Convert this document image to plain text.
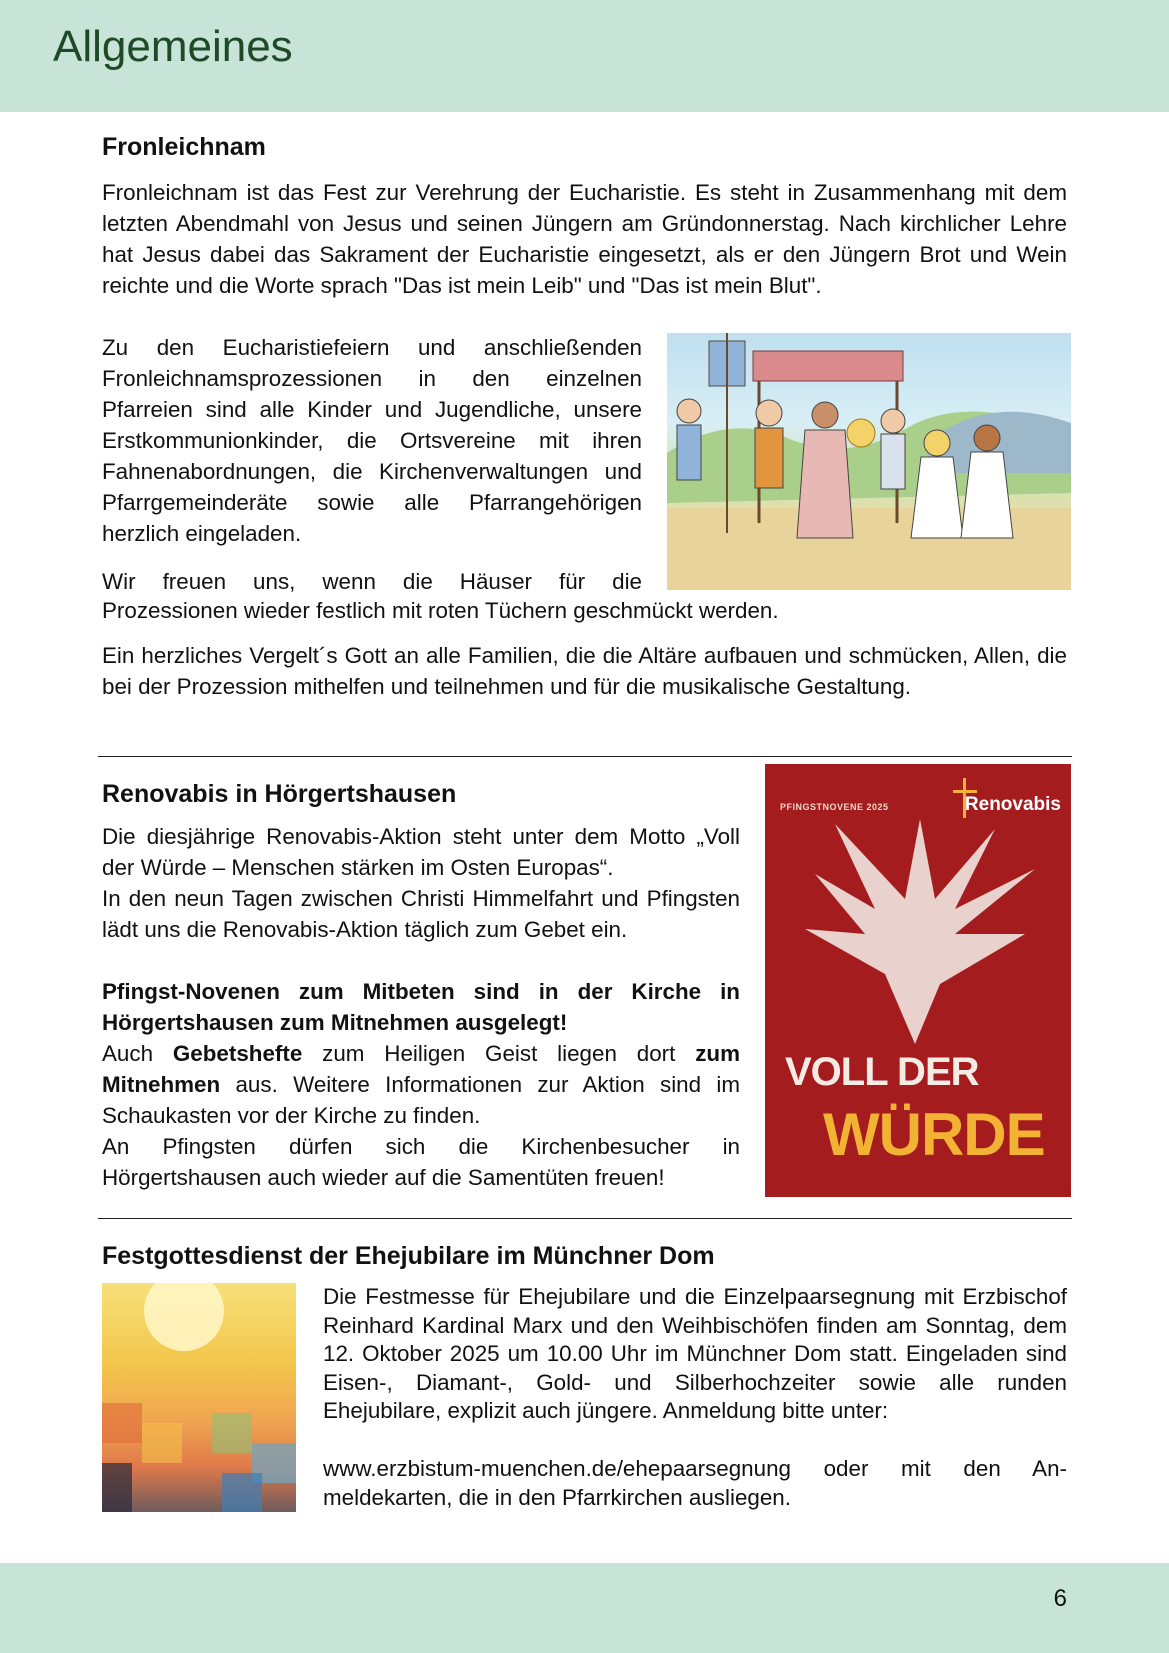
Allgemeines
Fronleichnam

Fronleichnam ist das Fest zur Verehrung der Eucharistie. Es steht in Zusammenhang mit dem letzten Abendmahl von Jesus und seinen Jüngern am Gründonnerstag. Nach kirchlicher Lehre hat Jesus dabei das Sakrament der Eucharistie eingesetzt, als er den Jüngern Brot und Wein reichte und die Worte sprach "Das ist mein Leib" und "Das ist mein Blut".

Zu den Eucharistiefeiern und anschließenden Fronleichnamsprozessionen in den einzelnen Pfarreien sind alle Kinder und Jugendliche, unsere Erstkommunionkinder, die Ortsvereine mit ihren Fahnenabordnungen, die Kirchenverwaltungen und Pfarrgemeinderäte sowie alle Pfarrangehörigen herzlich eingeladen.

Wir freuen uns, wenn die Häuser für die

Prozessionen wieder festlich mit roten Tüchern geschmückt werden.

Ein herzliches Vergelt´s Gott an alle Familien, die die Altäre aufbauen und schmücken, Allen, die bei der Prozession mithelfen und teilnehmen und für die musikalische Gestaltung.

Renovabis in Hörgertshausen

Die diesjährige Renovabis-Aktion steht unter dem Motto „Voll der Würde – Menschen stärken im Osten Europas“.

In den neun Tagen zwischen Christi Himmelfahrt und Pfingsten lädt uns die Renovabis-Aktion täglich zum Gebet ein.

Pfingst-Novenen zum Mitbeten sind in der Kirche in Hörgertshausen zum Mitnehmen ausgelegt!

Auch Gebetshefte zum Heiligen Geist liegen dort zum Mitnehmen aus. Weitere Informationen zur Aktion sind im Schaukasten vor der Kirche zu finden.

An Pfingsten dürfen sich die Kirchenbesucher in Hörgertshausen auch wieder auf die Samentüten freuen!

PFINGSTNOVENE 2025	Renovabis
VOLL DER
WÜRDE
Festgottesdienst der Ehejubilare im Münchner Dom

Die Festmesse für Ehejubilare und die Einzelpaarsegnung mit Erzbischof Reinhard Kardinal Marx und den Weihbischöfen finden am Sonntag, dem 12. Oktober 2025 um 10.00 Uhr im Münchner Dom statt. Eingeladen sind Eisen-, Diamant-, Gold- und Silberhochzeiter sowie alle runden Ehejubilare, explizit auch jüngere. Anmeldung bitte unter:

www.erzbistum-muenchen.de/ehepaarsegnung oder mit den Anmeldekarten, die in den Pfarrkirchen ausliegen.

6
